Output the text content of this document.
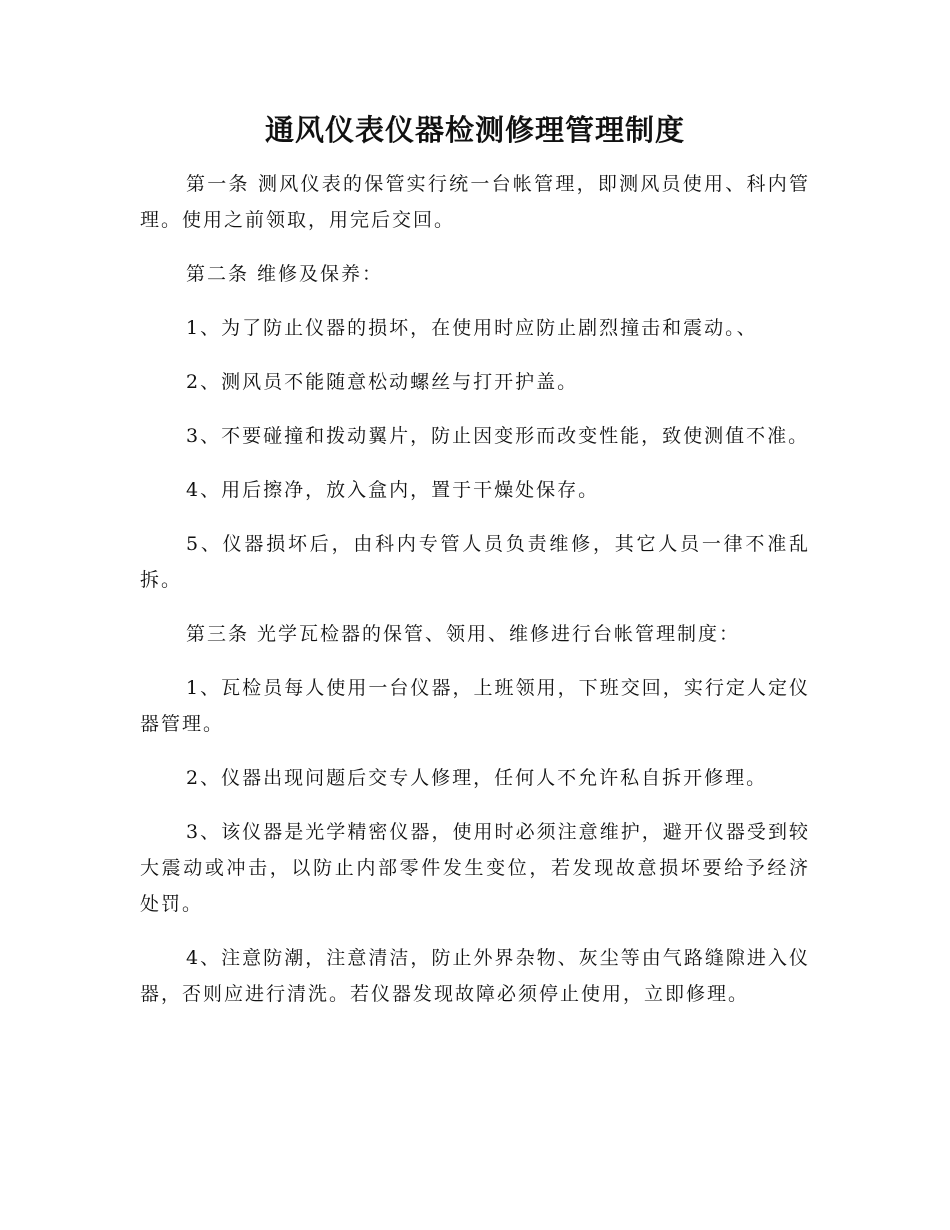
通风仪表仪器检测修理管理制度

第一条 测风仪表的保管实行统一台帐管理，即测风员使用、科内管理。使用之前领取，用完后交回。

第二条 维修及保养：

1、为了防止仪器的损坏，在使用时应防止剧烈撞击和震动。、

2、测风员不能随意松动螺丝与打开护盖。

3、不要碰撞和拨动翼片，防止因变形而改变性能，致使测值不准。

4、用后擦净，放入盒内，置于干燥处保存。

5、仪器损坏后，由科内专管人员负责维修，其它人员一律不准乱拆。

第三条 光学瓦检器的保管、领用、维修进行台帐管理制度：

1、瓦检员每人使用一台仪器，上班领用，下班交回，实行定人定仪器管理。

2、仪器出现问题后交专人修理，任何人不允许私自拆开修理。

3、该仪器是光学精密仪器，使用时必须注意维护，避开仪器受到较大震动或冲击，以防止内部零件发生变位，若发现故意损坏要给予经济处罚。

4、注意防潮，注意清洁，防止外界杂物、灰尘等由气路缝隙进入仪器，否则应进行清洗。若仪器发现故障必须停止使用，立即修理。
